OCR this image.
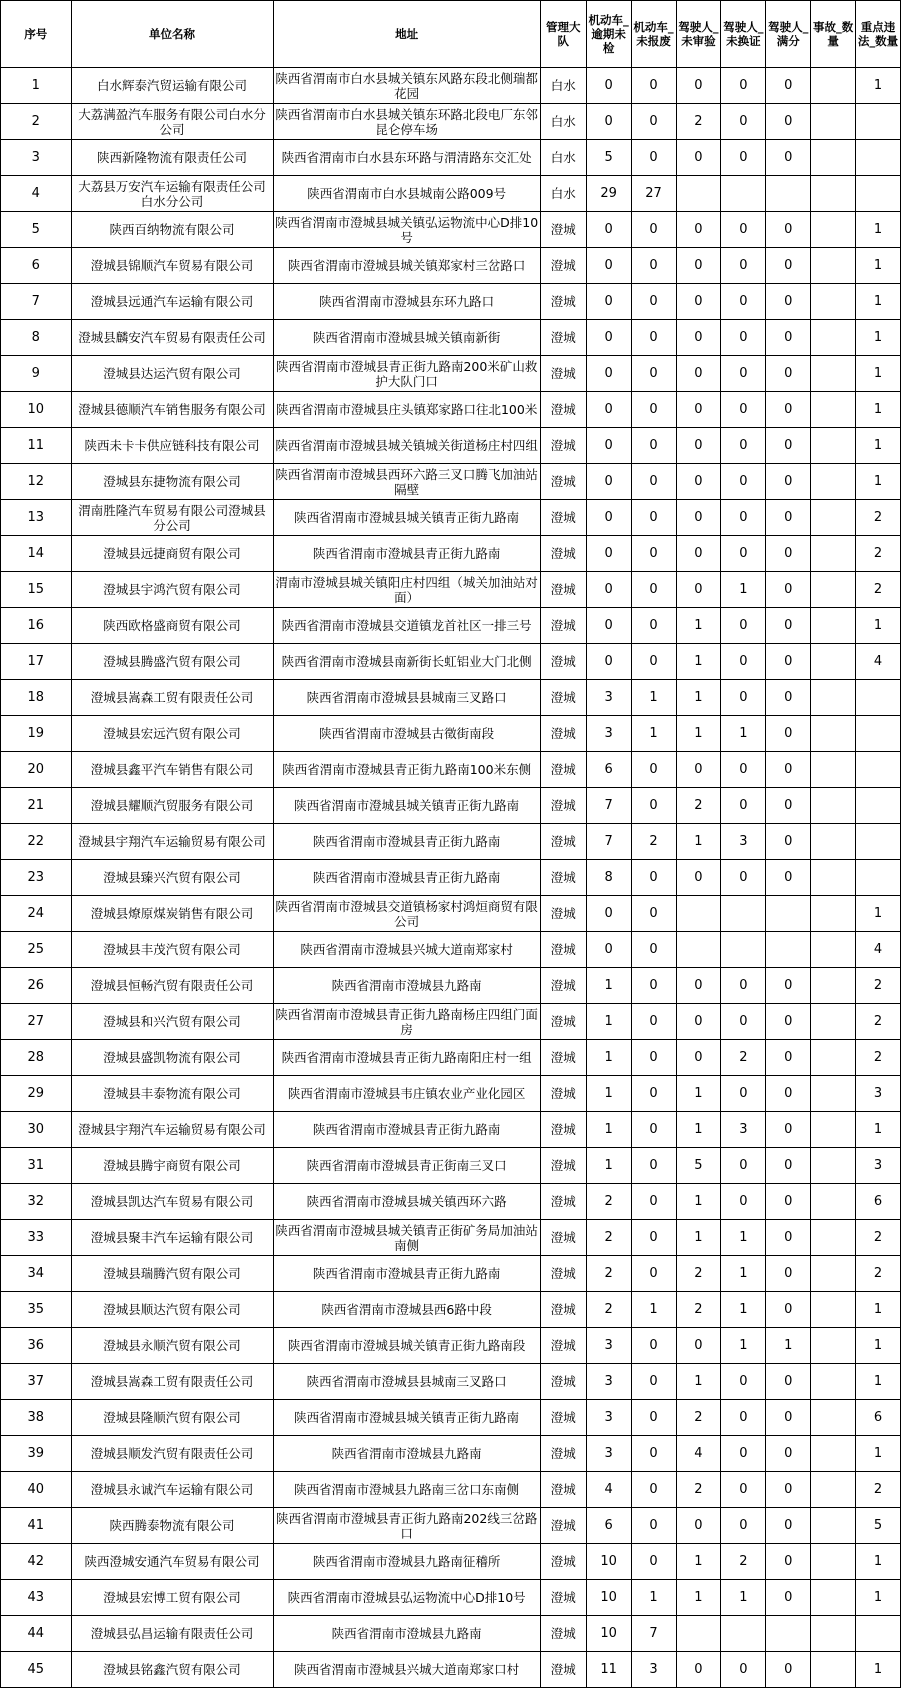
序号	单位名称	地址	管理大队	机动车_逾期未检	机动车_未报废	驾驶人_未审验	驾驶人_未换证	驾驶人_满分	事故_数量	重点违法_数量
1	白水辉泰汽贸运输有限公司	陕西省渭南市白水县城关镇东风路东段北侧瑞都花园	白水	0	0	0	0	0		1
2	大荔满盈汽车服务有限公司白水分公司	陕西省渭南市白水县城关镇东环路北段电厂东邻昆仑停车场	白水	0	0	2	0	0		
3	陕西新隆物流有限责任公司	陕西省渭南市白水县东环路与渭清路东交汇处	白水	5	0	0	0	0		
4	大荔县万安汽车运输有限责任公司白水分公司	陕西省渭南市白水县城南公路009号	白水	29	27					
5	陕西百纳物流有限公司	陕西省渭南市澄城县城关镇弘运物流中心D排10号	澄城	0	0	0	0	0		1
6	澄城县锦顺汽车贸易有限公司	陕西省渭南市澄城县城关镇郑家村三岔路口	澄城	0	0	0	0	0		1
7	澄城县远通汽车运输有限公司	陕西省渭南市澄城县东环九路口	澄城	0	0	0	0	0		1
8	澄城县麟安汽车贸易有限责任公司	陕西省渭南市澄城县城关镇南新街	澄城	0	0	0	0	0		1
9	澄城县达运汽贸有限公司	陕西省渭南市澄城县青正街九路南200米矿山救护大队门口	澄城	0	0	0	0	0		1
10	澄城县德顺汽车销售服务有限公司	陕西省渭南市澄城县庄头镇郑家路口往北100米	澄城	0	0	0	0	0		1
11	陕西未卡卡供应链科技有限公司	陕西省渭南市澄城县城关镇城关街道杨庄村四组	澄城	0	0	0	0	0		1
12	澄城县东捷物流有限公司	陕西省渭南市澄城县西环六路三叉口腾飞加油站隔壁	澄城	0	0	0	0	0		1
13	渭南胜隆汽车贸易有限公司澄城县分公司	陕西省渭南市澄城县城关镇青正街九路南	澄城	0	0	0	0	0		2
14	澄城县远捷商贸有限公司	陕西省渭南市澄城县青正街九路南	澄城	0	0	0	0	0		2
15	澄城县宇鸿汽贸有限公司	渭南市澄城县城关镇阳庄村四组（城关加油站对面）	澄城	0	0	0	1	0		2
16	陕西欧格盛商贸有限公司	陕西省渭南市澄城县交道镇龙首社区一排三号	澄城	0	0	1	0	0		1
17	澄城县腾盛汽贸有限公司	陕西省渭南市澄城县南新街长虹铝业大门北侧	澄城	0	0	1	0	0		4
18	澄城县嵩森工贸有限责任公司	陕西省渭南市澄城县县城南三叉路口	澄城	3	1	1	0	0		
19	澄城县宏远汽贸有限公司	陕西省渭南市澄城县古徵街南段	澄城	3	1	1	1	0		
20	澄城县鑫平汽车销售有限公司	陕西省渭南市澄城县青正街九路南100米东侧	澄城	6	0	0	0	0		
21	澄城县耀顺汽贸服务有限公司	陕西省渭南市澄城县城关镇青正街九路南	澄城	7	0	2	0	0		
22	澄城县宇翔汽车运输贸易有限公司	陕西省渭南市澄城县青正街九路南	澄城	7	2	1	3	0		
23	澄城县臻兴汽贸有限公司	陕西省渭南市澄城县青正街九路南	澄城	8	0	0	0	0		
24	澄城县燎原煤炭销售有限公司	陕西省渭南市澄城县交道镇杨家村鸿烜商贸有限公司	澄城	0	0					1
25	澄城县丰茂汽贸有限公司	陕西省渭南市澄城县兴城大道南郑家村	澄城	0	0					4
26	澄城县恒畅汽贸有限责任公司	陕西省渭南市澄城县九路南	澄城	1	0	0	0	0		2
27	澄城县和兴汽贸有限公司	陕西省渭南市澄城县青正街九路南杨庄四组门面房	澄城	1	0	0	0	0		2
28	澄城县盛凯物流有限公司	陕西省渭南市澄城县青正街九路南阳庄村一组	澄城	1	0	0	2	0		2
29	澄城县丰泰物流有限公司	陕西省渭南市澄城县韦庄镇农业产业化园区	澄城	1	0	1	0	0		3
30	澄城县宇翔汽车运输贸易有限公司	陕西省渭南市澄城县青正街九路南	澄城	1	0	1	3	0		1
31	澄城县腾宇商贸有限公司	陕西省渭南市澄城县青正街南三叉口	澄城	1	0	5	0	0		3
32	澄城县凯达汽车贸易有限公司	陕西省渭南市澄城县城关镇西环六路	澄城	2	0	1	0	0		6
33	澄城县聚丰汽车运输有限公司	陕西省渭南市澄城县城关镇青正街矿务局加油站南侧	澄城	2	0	1	1	0		2
34	澄城县瑞腾汽贸有限公司	陕西省渭南市澄城县青正街九路南	澄城	2	0	2	1	0		2
35	澄城县顺达汽贸有限公司	陕西省渭南市澄城县西6路中段	澄城	2	1	2	1	0		1
36	澄城县永顺汽贸有限公司	陕西省渭南市澄城县城关镇青正街九路南段	澄城	3	0	0	1	1		1
37	澄城县嵩森工贸有限责任公司	陕西省渭南市澄城县县城南三叉路口	澄城	3	0	1	0	0		1
38	澄城县隆顺汽贸有限公司	陕西省渭南市澄城县城关镇青正街九路南	澄城	3	0	2	0	0		6
39	澄城县顺发汽贸有限责任公司	陕西省渭南市澄城县九路南	澄城	3	0	4	0	0		1
40	澄城县永诚汽车运输有限公司	陕西省渭南市澄城县九路南三岔口东南侧	澄城	4	0	2	0	0		2
41	陕西腾泰物流有限公司	陕西省渭南市澄城县青正街九路南202线三岔路口	澄城	6	0	0	0	0		5
42	陕西澄城安通汽车贸易有限公司	陕西省渭南市澄城县九路南征稽所	澄城	10	0	1	2	0		1
43	澄城县宏博工贸有限公司	陕西省渭南市澄城县弘运物流中心D排10号	澄城	10	1	1	1	0		1
44	澄城县弘昌运输有限责任公司	陕西省渭南市澄城县九路南	澄城	10	7					
45	澄城县铭鑫汽贸有限公司	陕西省渭南市澄城县兴城大道南郑家口村	澄城	11	3	0	0	0		1
